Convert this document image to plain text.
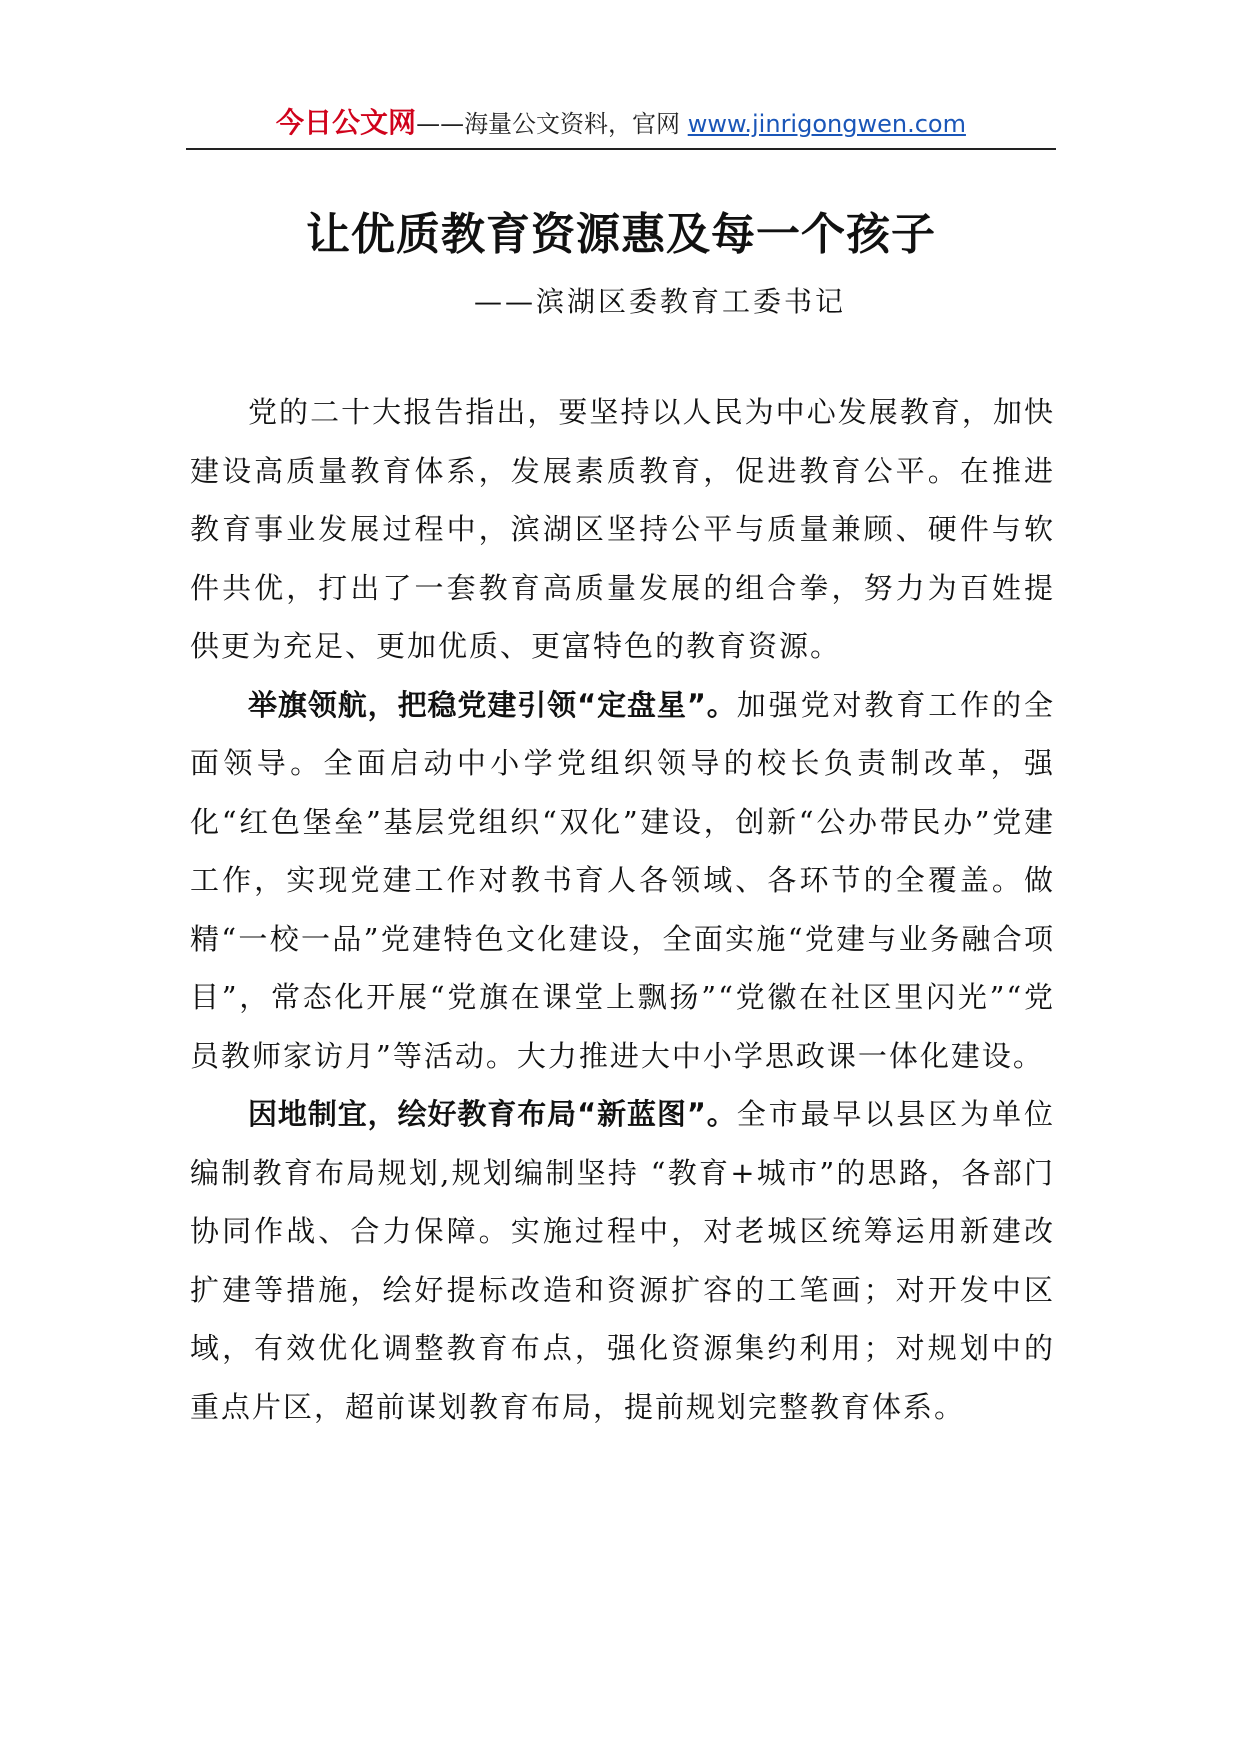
今日公文网——海量公文资料，官网 www.jinrigongwen.com
让优质教育资源惠及每一个孩子
——滨湖区委教育工委书记

党的二十大报告指出，要坚持以人民为中心发展教育，加快建设高质量教育体系，发展素质教育，促进教育公平。在推进教育事业发展过程中，滨湖区坚持公平与质量兼顾、硬件与软件共优，打出了一套教育高质量发展的组合拳，努力为百姓提供更为充足、更加优质、更富特色的教育资源。

举旗领航，把稳党建引领“定盘星”。加强党对教育工作的全面领导。全面启动中小学党组织领导的校长负责制改革，强化“红色堡垒”基层党组织“双化”建设，创新“公办带民办”党建工作，实现党建工作对教书育人各领域、各环节的全覆盖。做精“一校一品”党建特色文化建设，全面实施“党建与业务融合项目”，常态化开展“党旗在课堂上飘扬”“党徽在社区里闪光”“党员教师家访月”等活动。大力推进大中小学思政课一体化建设。

因地制宜，绘好教育布局“新蓝图”。全市最早以县区为单位编制教育布局规划,规划编制坚持 “教育+城市”的思路，各部门协同作战、合力保障。实施过程中，对老城区统筹运用新建改扩建等措施，绘好提标改造和资源扩容的工笔画；对开发中区域，有效优化调整教育布点，强化资源集约利用；对规划中的重点片区，超前谋划教育布局，提前规划完整教育体系。
